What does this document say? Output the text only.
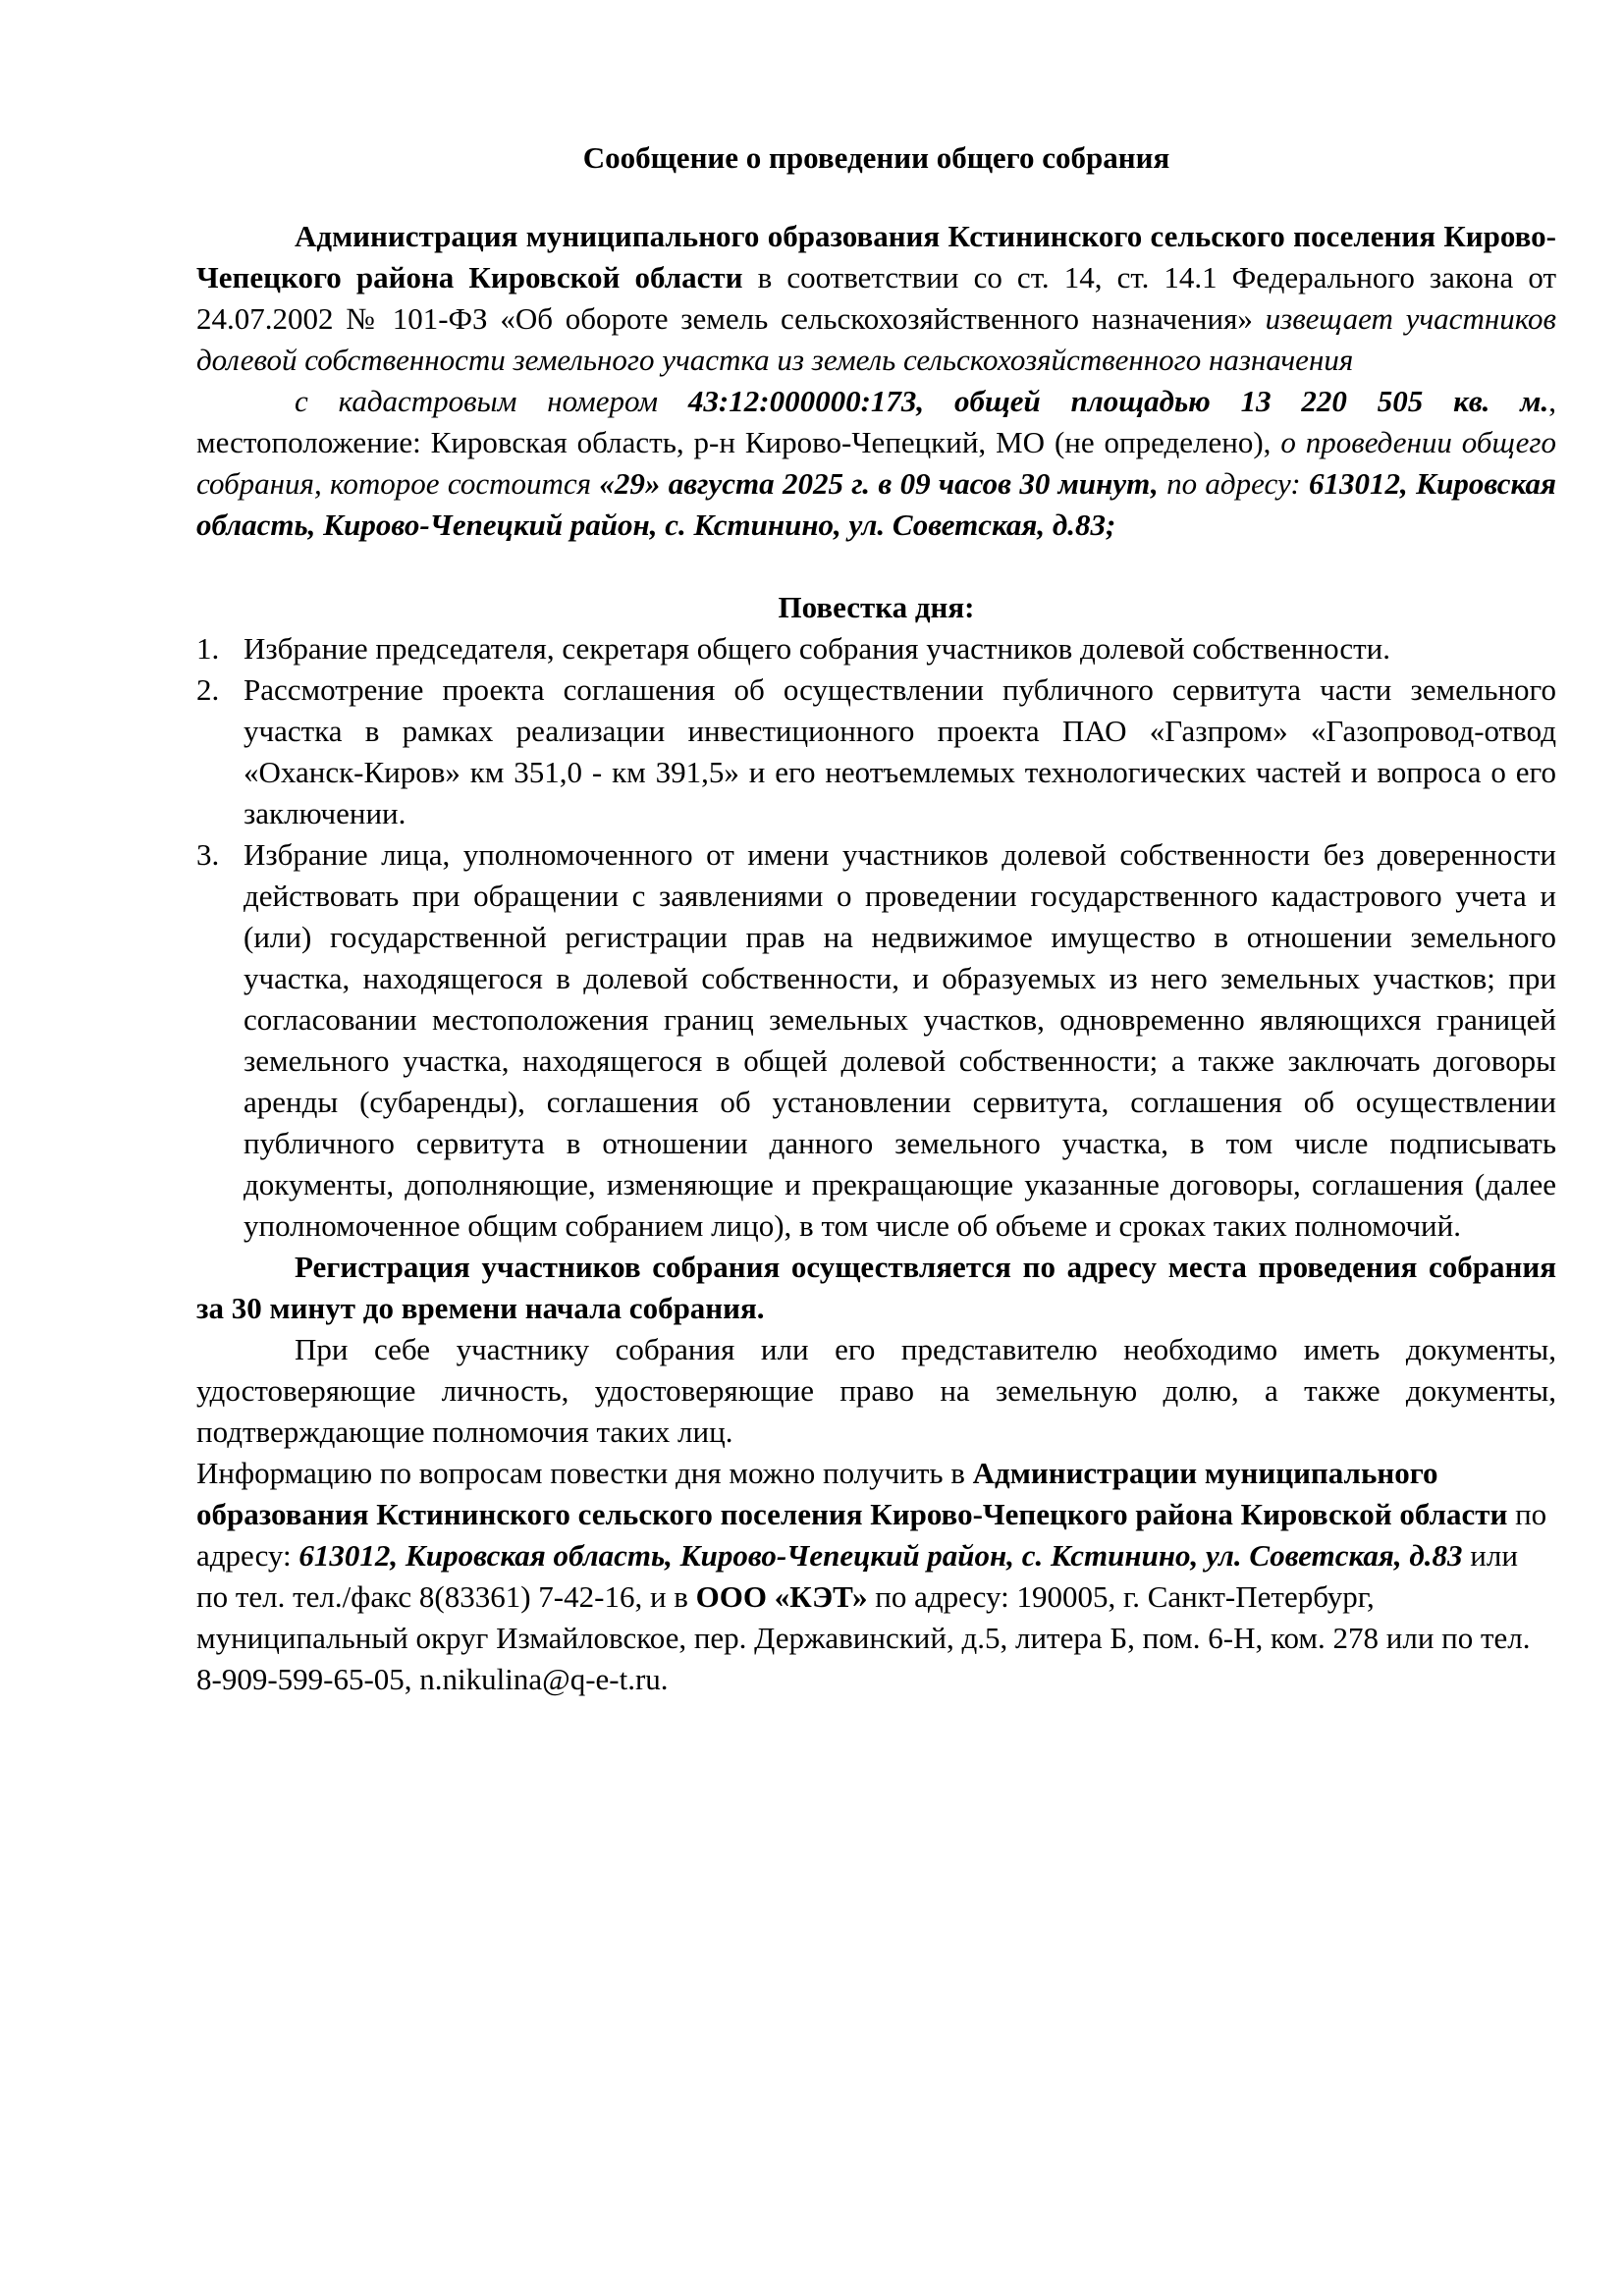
Сообщение о проведении общего собрания

Администрация муниципального образования Кстининского сельского поселения Кирово-Чепецкого района Кировской области в соответствии со ст. 14, ст. 14.1 Федерального закона от 24.07.2002 № 101-ФЗ «Об обороте земель сельскохозяйственного назначения» извещает участников долевой собственности земельного участка из земель сельскохозяйственного назначения

с кадастровым номером 43:12:000000:173, общей площадью 13 220 505 кв. м., местоположение: Кировская область, р-н Кирово-Чепецкий, МО (не определено), о проведении общего собрания, которое состоится «29» августа 2025 г. в 09 часов 30 минут, по адресу: 613012, Кировская область, Кирово-Чепецкий район, с. Кстинино, ул. Советская, д.83;

Повестка дня:

1. Избрание председателя, секретаря общего собрания участников долевой собственности.
2. Рассмотрение проекта соглашения об осуществлении публичного сервитута части земельного участка в рамках реализации инвестиционного проекта ПАО «Газпром» «Газопровод-отвод «Оханск-Киров» км 351,0 - км 391,5» и его неотъемлемых технологических частей и вопроса о его заключении.
3. Избрание лица, уполномоченного от имени участников долевой собственности без доверенности действовать при обращении с заявлениями о проведении государственного кадастрового учета и (или) государственной регистрации прав на недвижимое имущество в отношении земельного участка, находящегося в долевой собственности, и образуемых из него земельных участков; при согласовании местоположения границ земельных участков, одновременно являющихся границей земельного участка, находящегося в общей долевой собственности; а также заключать договоры аренды (субаренды), соглашения об установлении сервитута, соглашения об осуществлении публичного сервитута в отношении данного земельного участка, в том числе подписывать документы, дополняющие, изменяющие и прекращающие указанные договоры, соглашения (далее уполномоченное общим собранием лицо), в том числе об объеме и сроках таких полномочий.

Регистрация участников собрания осуществляется по адресу места проведения собрания за 30 минут до времени начала собрания.

При себе участнику собрания или его представителю необходимо иметь документы, удостоверяющие личность, удостоверяющие право на земельную долю, а также документы, подтверждающие полномочия таких лиц.

Информацию по вопросам повестки дня можно получить в Администрации муниципального образования Кстининского сельского поселения Кирово-Чепецкого района Кировской области по адресу: 613012, Кировская область, Кирово-Чепецкий район, с. Кстинино, ул. Советская, д.83 или по тел. тел./факс 8(83361) 7-42-16, и в ООО «КЭТ» по адресу: 190005, г. Санкт-Петербург, муниципальный округ Измайловское, пер. Державинский, д.5, литера Б, пом. 6-Н, ком. 278 или по тел. 8-909-599-65-05, n.nikulina@q-e-t.ru.
